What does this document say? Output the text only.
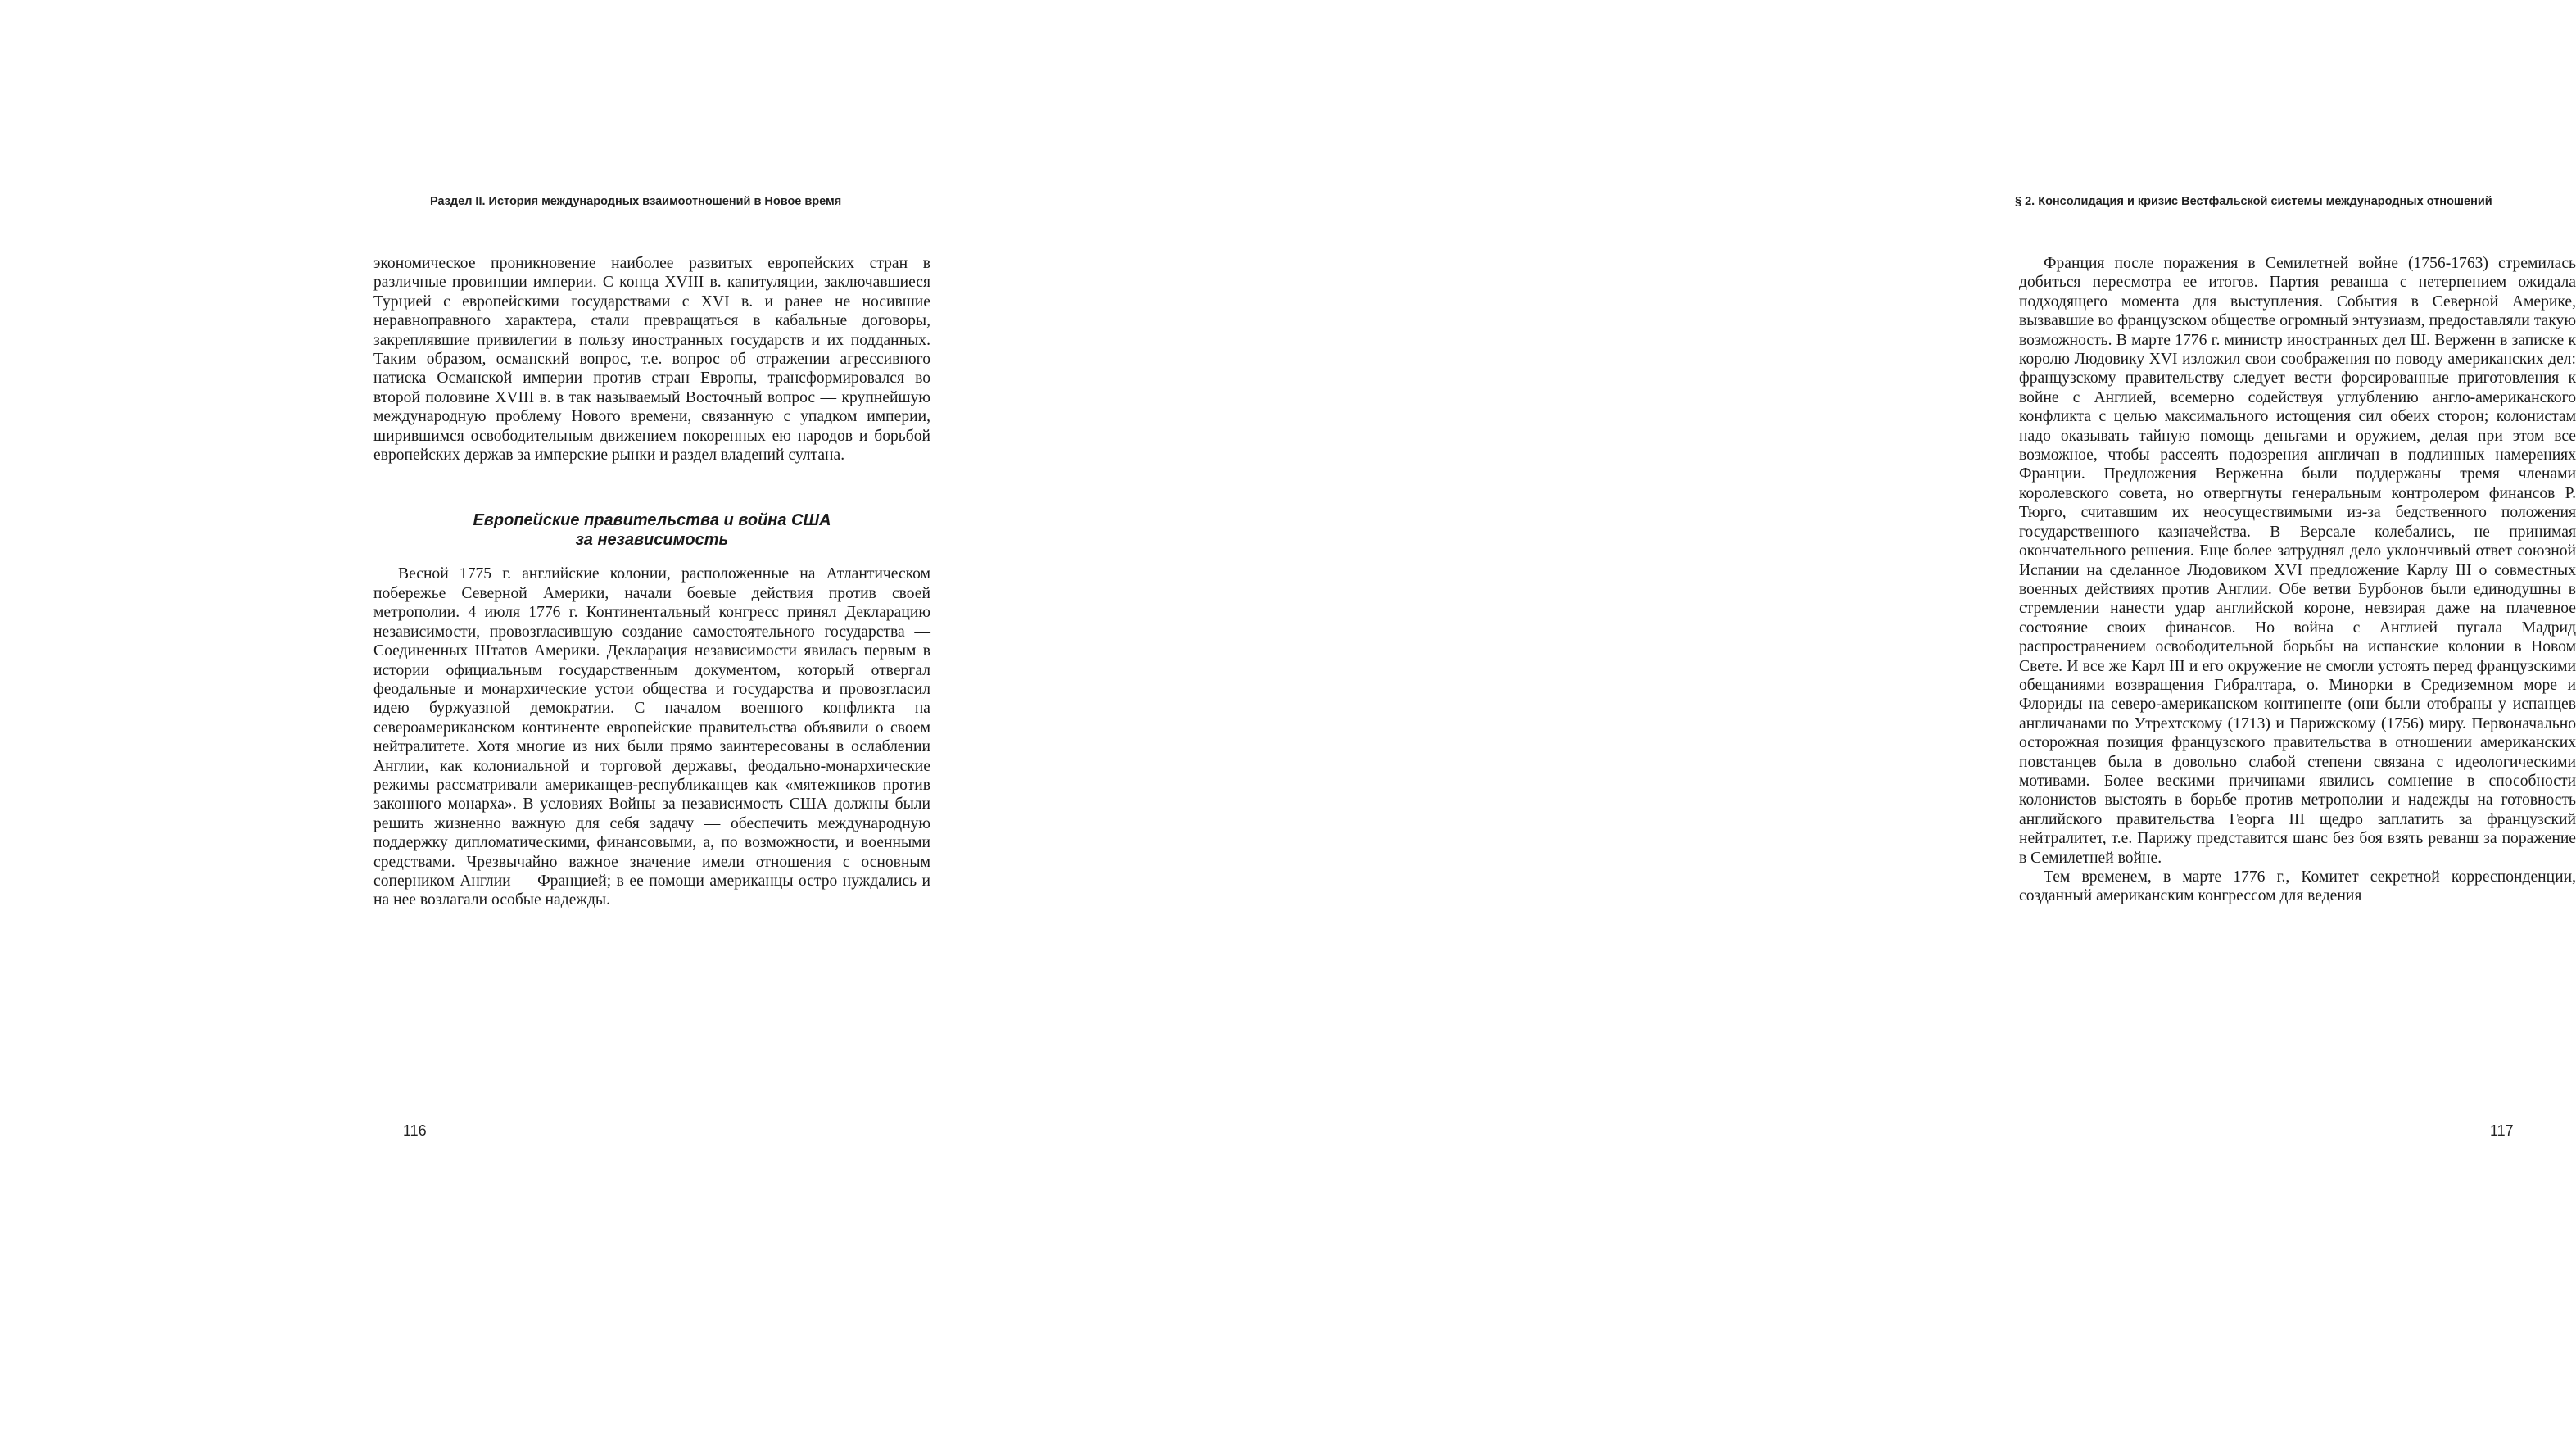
Раздел II. История международных взаимоотношений в Новое время

экономическое проникновение наиболее развитых европейских стран в различные провинции империи. С конца XVIII в. капитуляции, заключавшиеся Турцией с европейскими государствами с XVI в. и ранее не носившие неравноправного характера, стали превращаться в кабальные договоры, закреплявшие привилегии в пользу иностранных государств и их подданных. Таким образом, османский вопрос, т.е. вопрос об отражении агрессивного натиска Османской империи против стран Европы, трансформировался во второй половине XVIII в. в так называемый Восточный вопрос — крупнейшую международную проблему Нового времени, связанную с упадком империи, ширившимся освободительным движением покоренных ею народов и борьбой европейских держав за имперские рынки и раздел владений султана.

Европейские правительства и война США
за независимость

Весной 1775 г. английские колонии, расположенные на Атлантическом побережье Северной Америки, начали боевые действия против своей метрополии. 4 июля 1776 г. Континентальный конгресс принял Декларацию независимости, провозгласившую создание самостоятельного государства — Соединенных Штатов Америки. Декларация независимости явилась первым в истории официальным государственным документом, который отвергал феодальные и монархические устои общества и государства и провозгласил идею буржуазной демократии. С началом военного конфликта на североамериканском континенте европейские правительства объявили о своем нейтралитете. Хотя многие из них были прямо заинтересованы в ослаблении Англии, как колониальной и торговой державы, феодально-монархические режимы рассматривали американцев-республиканцев как «мятежников против законного монарха». В условиях Войны за независимость США должны были решить жизненно важную для себя задачу — обеспечить международную поддержку дипломатическими, финансовыми, а, по возможности, и военными средствами. Чрезвычайно важное значение имели отношения с основным соперником Англии — Францией; в ее помощи американцы остро нуждались и на нее возлагали особые надежды.

116
§ 2. Консолидация и кризис Вестфальской системы международных отношений

Франция после поражения в Семилетней войне (1756-1763) стремилась добиться пересмотра ее итогов. Партия реванша с нетерпением ожидала подходящего момента для выступления. События в Северной Америке, вызвавшие во французском обществе огромный энтузиазм, предоставляли такую возможность. В марте 1776 г. министр иностранных дел Ш. Верженн в записке к королю Людовику XVI изложил свои соображения по поводу американских дел: французскому правительству следует вести форсированные приготовления к войне с Англией, всемерно содействуя углублению англо-американского конфликта с целью максимального истощения сил обеих сторон; колонистам надо оказывать тайную помощь деньгами и оружием, делая при этом все возможное, чтобы рассеять подозрения англичан в подлинных намерениях Франции. Предложения Верженна были поддержаны тремя членами королевского совета, но отвергнуты генеральным контролером финансов Р. Тюрго, считавшим их неосуществимыми из-за бедственного положения государственного казначейства. В Версале колебались, не принимая окончательного решения. Еще более затруднял дело уклончивый ответ союзной Испании на сделанное Людовиком XVI предложение Карлу III о совместных военных действиях против Англии. Обе ветви Бурбонов были единодушны в стремлении нанести удар английской короне, невзирая даже на плачевное состояние своих финансов. Но война с Англией пугала Мадрид распространением освободительной борьбы на испанские колонии в Новом Свете. И все же Карл III и его окружение не смогли устоять перед французскими обещаниями возвращения Гибралтара, о. Минорки в Средиземном море и Флориды на северо-американском континенте (они были отобраны у испанцев англичанами по Утрехтскому (1713) и Парижскому (1756) миру. Первоначально осторожная позиция французского правительства в отношении американских повстанцев была в довольно слабой степени связана с идеологическими мотивами. Более вескими причинами явились сомнение в способности колонистов выстоять в борьбе против метрополии и надежды на готовность английского правительства Георга III щедро заплатить за французский нейтралитет, т.е. Парижу представится шанс без боя взять реванш за поражение в Семилетней войне.

Тем временем, в марте 1776 г., Комитет секретной корреспонденции, созданный американским конгрессом для ведения

117
